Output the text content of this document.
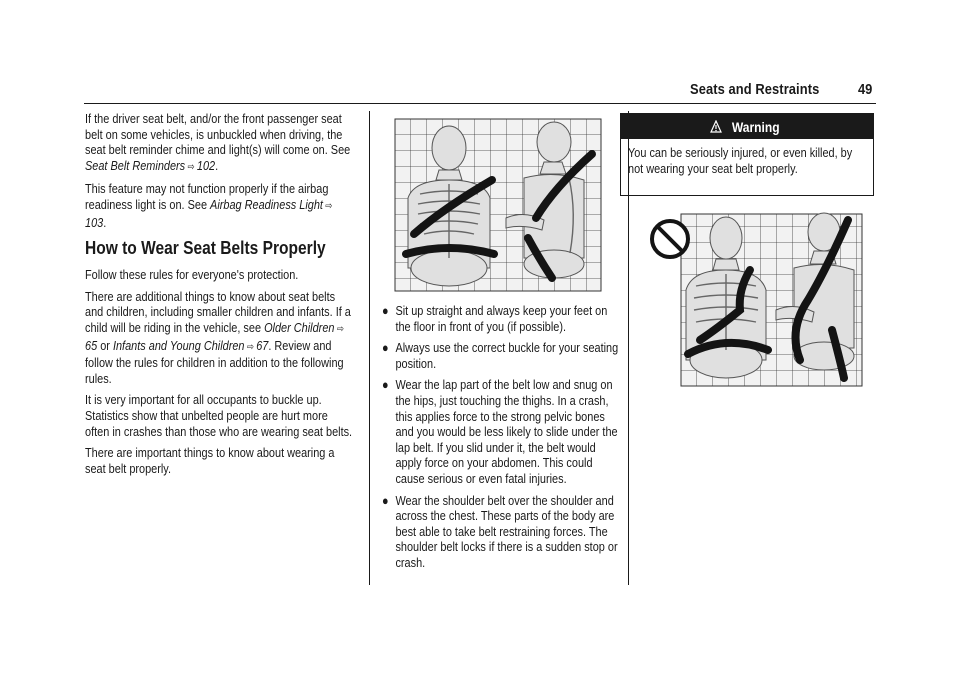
Seats and Restraints	49

If the driver seat belt, and/or the front passenger seat belt on some vehicles, is unbuckled when driving, the seat belt reminder chime and light(s) will come on. See Seat Belt Reminders ⇨ 102.

This feature may not function properly if the airbag readiness light is on. See Airbag Readiness Light ⇨ 103.

How to Wear Seat Belts Properly

Follow these rules for everyone's protection.

There are additional things to know about seat belts and children, including smaller children and infants. If a child will be riding in the vehicle, see Older Children ⇨ 65 or Infants and Young Children ⇨ 67. Review and follow the rules for children in addition to the following rules.

It is very important for all occupants to buckle up. Statistics show that unbelted people are hurt more often in crashes than those who are wearing seat belts.

There are important things to know about wearing a seat belt properly.

● Sit up straight and always keep your feet on the floor in front of you (if possible).
● Always use the correct buckle for your seating position.
● Wear the lap part of the belt low and snug on the hips, just touching the thighs. In a crash, this applies force to the strong pelvic bones and you would be less likely to slide under the lap belt. If you slid under it, the belt would apply force on your abdomen. This could cause serious or even fatal injuries.
● Wear the shoulder belt over the shoulder and across the chest. These parts of the body are best able to take belt restraining forces. The shoulder belt locks if there is a sudden stop or crash.
Warning
You can be seriously injured, or even killed, by not wearing your seat belt properly.
